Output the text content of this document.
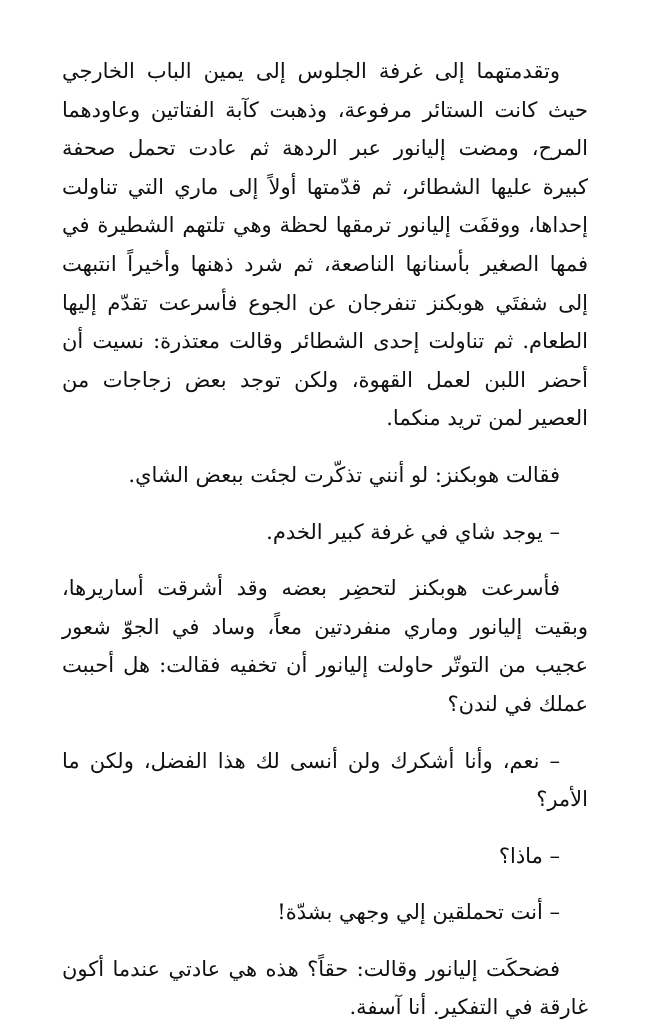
وتقدمتهما إلى غرفة الجلوس إلى يمين الباب الخارجي حيث كانت الستائر مرفوعة، وذهبت كآبة الفتاتين وعاودهما المرح، ومضت إليانور عبر الردهة ثم عادت تحمل صحفة كبيرة عليها الشطائر، ثم قدّمتها أولاً إلى ماري التي تناولت إحداها، ووقفَت إليانور ترمقها لحظة وهي تلتهم الشطيرة في فمها الصغير بأسنانها الناصعة، ثم شرد ذهنها وأخيراً انتبهت إلى شفتَي هوبكنز تنفرجان عن الجوع فأسرعت تقدّم إليها الطعام. ثم تناولت إحدى الشطائر وقالت معتذرة: نسيت أن أحضر اللبن لعمل القهوة، ولكن توجد بعض زجاجات من العصير لمن تريد منكما.

فقالت هوبكنز: لو أنني تذكّرت لجئت ببعض الشاي.

– يوجد شاي في غرفة كبير الخدم.

فأسرعت هوبكنز لتحضِر بعضه وقد أشرقت أساريرها، وبقيت إليانور وماري منفردتين معاً، وساد في الجوّ شعور عجيب من التوتّر حاولت إليانور أن تخفيه فقالت: هل أحببت عملك في لندن؟

– نعم، وأنا أشكرك ولن أنسى لك هذا الفضل، ولكن ما الأمر؟

– ماذا؟

– أنت تحملقين إلي وجهي بشدّة!

فضحكَت إليانور وقالت: حقاً؟ هذه هي عادتي عندما أكون غارقة في التفكير. أنا آسفة.
